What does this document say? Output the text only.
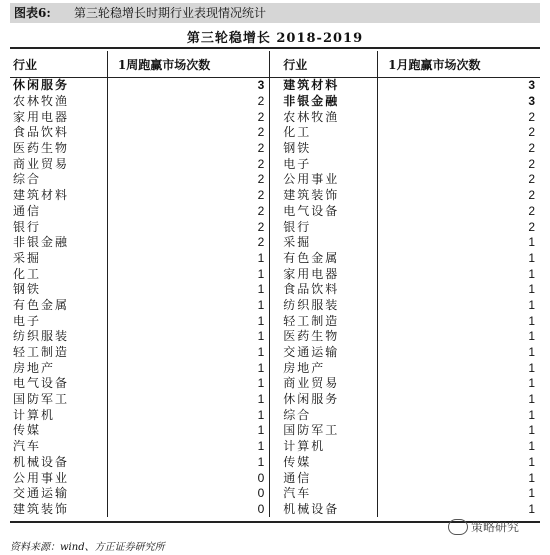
图表6: 第三轮稳增长时期行业表现情况统计
第三轮稳增长 2018-2019
行业	1周跑赢市场次数		行业	1月跑赢市场次数
休闲服务	3		建筑材料	3
农林牧渔	2		非银金融	3
家用电器	2		农林牧渔	2
食品饮料	2		化工	2
医药生物	2		钢铁	2
商业贸易	2		电子	2
综合	2		公用事业	2
建筑材料	2		建筑装饰	2
通信	2		电气设备	2
银行	2		银行	2
非银金融	2		采掘	1
采掘	1		有色金属	1
化工	1		家用电器	1
钢铁	1		食品饮料	1
有色金属	1		纺织服装	1
电子	1		轻工制造	1
纺织服装	1		医药生物	1
轻工制造	1		交通运输	1
房地产	1		房地产	1
电气设备	1		商业贸易	1
国防军工	1		休闲服务	1
计算机	1		综合	1
传媒	1		国防军工	1
汽车	1		计算机	1
机械设备	1		传媒	1
公用事业	0		通信	1
交通运输	0		汽车	1
建筑装饰	0		机械设备	1
策略研究
资料来源：wind、方正证券研究所
